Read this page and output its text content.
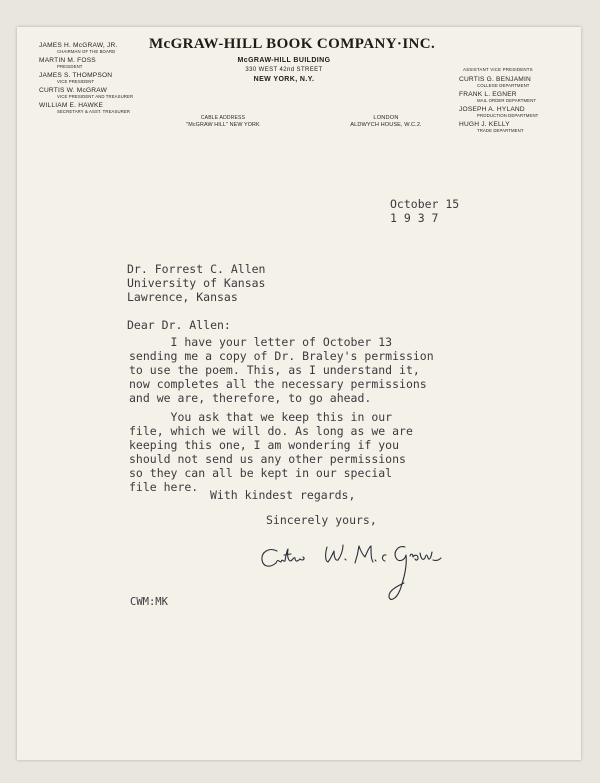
JAMES H. McGRAW, JR.
CHAIRMAN OF THE BOARD
MARTIN M. FOSS
PRESIDENT
JAMES S. THOMPSON
VICE PRESIDENT
CURTIS W. McGRAW
VICE PRESIDENT AND TREASURER
WILLIAM E. HAWKE
SECRETARY & ASST. TREASURER
McGRAW-HILL BOOK COMPANY·INC.
McGRAW-HILL BUILDING
330 WEST 42nd STREET
NEW YORK, N.Y.
CABLE ADDRESS
"McGRAW HILL" NEW YORK
LONDON
ALDWYCH HOUSE, W.C.2.
ASSISTANT VICE PRESIDENTS
CURTIS G. BENJAMIN
COLLEGE DEPARTMENT
FRANK L. EGNER
MAIL ORDER DEPARTMENT
JOSEPH A. HYLAND
PRODUCTION DEPARTMENT
HUGH J. KELLY
TRADE DEPARTMENT
October 15
1 9 3 7
Dr. Forrest C. Allen
University of Kansas
Lawrence, Kansas
Dear Dr. Allen:
I have your letter of October 13
sending me a copy of Dr. Braley's permission
to use the poem. This, as I understand it,
now completes all the necessary permissions
and we are, therefore, to go ahead.
You ask that we keep this in our
file, which we will do. As long as we are
keeping this one, I am wondering if you
should not send us any other permissions
so they can all be kept in our special
file here.
With kindest regards,
Sincerely yours,
CWM:MK
